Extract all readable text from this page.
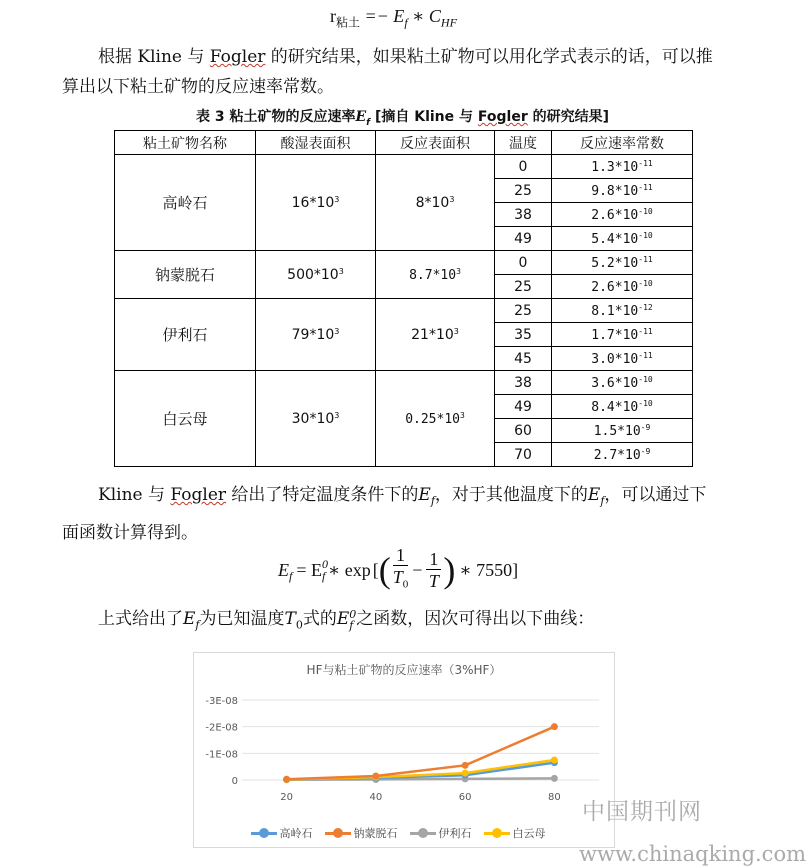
$r_{粘土} =- E_f$ ∗ $C_{HF}$
根据 Kline 与 Fogler 的研究结果，如果粘土矿物可以用化学式表示的话，可以推
算出以下粘土矿物的反应速率常数。
表 3 粘土矿物的反应速率$E_f$ [摘自 Kline 与 Fogler 的研究结果]
粘土矿物名称	酸湿表面积	反应表面积	温度	反应速率常数
高岭石	$16*10^3$	$8*10^3$	0	$1.3*10^{-11}$
			25	$9.8*10^{-11}$
			38	$2.6*10^{-10}$
			49	$5.4*10^{-10}$
钠蒙脱石	$500*10^3$	$8.7*10^3$	0	$5.2*10^{-11}$
			25	$2.6*10^{-10}$
伊利石	$79*10^3$	$21*10^3$	25	$8.1*10^{-12}$
			35	$1.7*10^{-11}$
			45	$3.0*10^{-11}$
白云母	$30*10^3$	$0.25*10^3$	38	$3.6*10^{-10}$
			49	$8.4*10^{-10}$
			60	$1.5*10^{-9}$
			70	$2.7*10^{-9}$
Kline 与 Fogler 给出了特定温度条件下的$E_f$，对于其他温度下的$E_f$，可以通过下
面函数计算得到。
$E_f = E$ 0
f ∗ exp [ ( $\frac{1}{T_0} - \frac{1}{T}$ ) ∗ 7550]
上式给出了$E_f$为已知温度$T_0$式的E 0
f 之函数，因次可得出以下曲线：
HF与粘土矿物的反应速率（3%HF）
-3E-08
-2E-08
-1E-08
0
20	40	60	80
高岭石	钠蒙脱石	伊利石	白云母
中国期刊网
www.chinaqking.com
